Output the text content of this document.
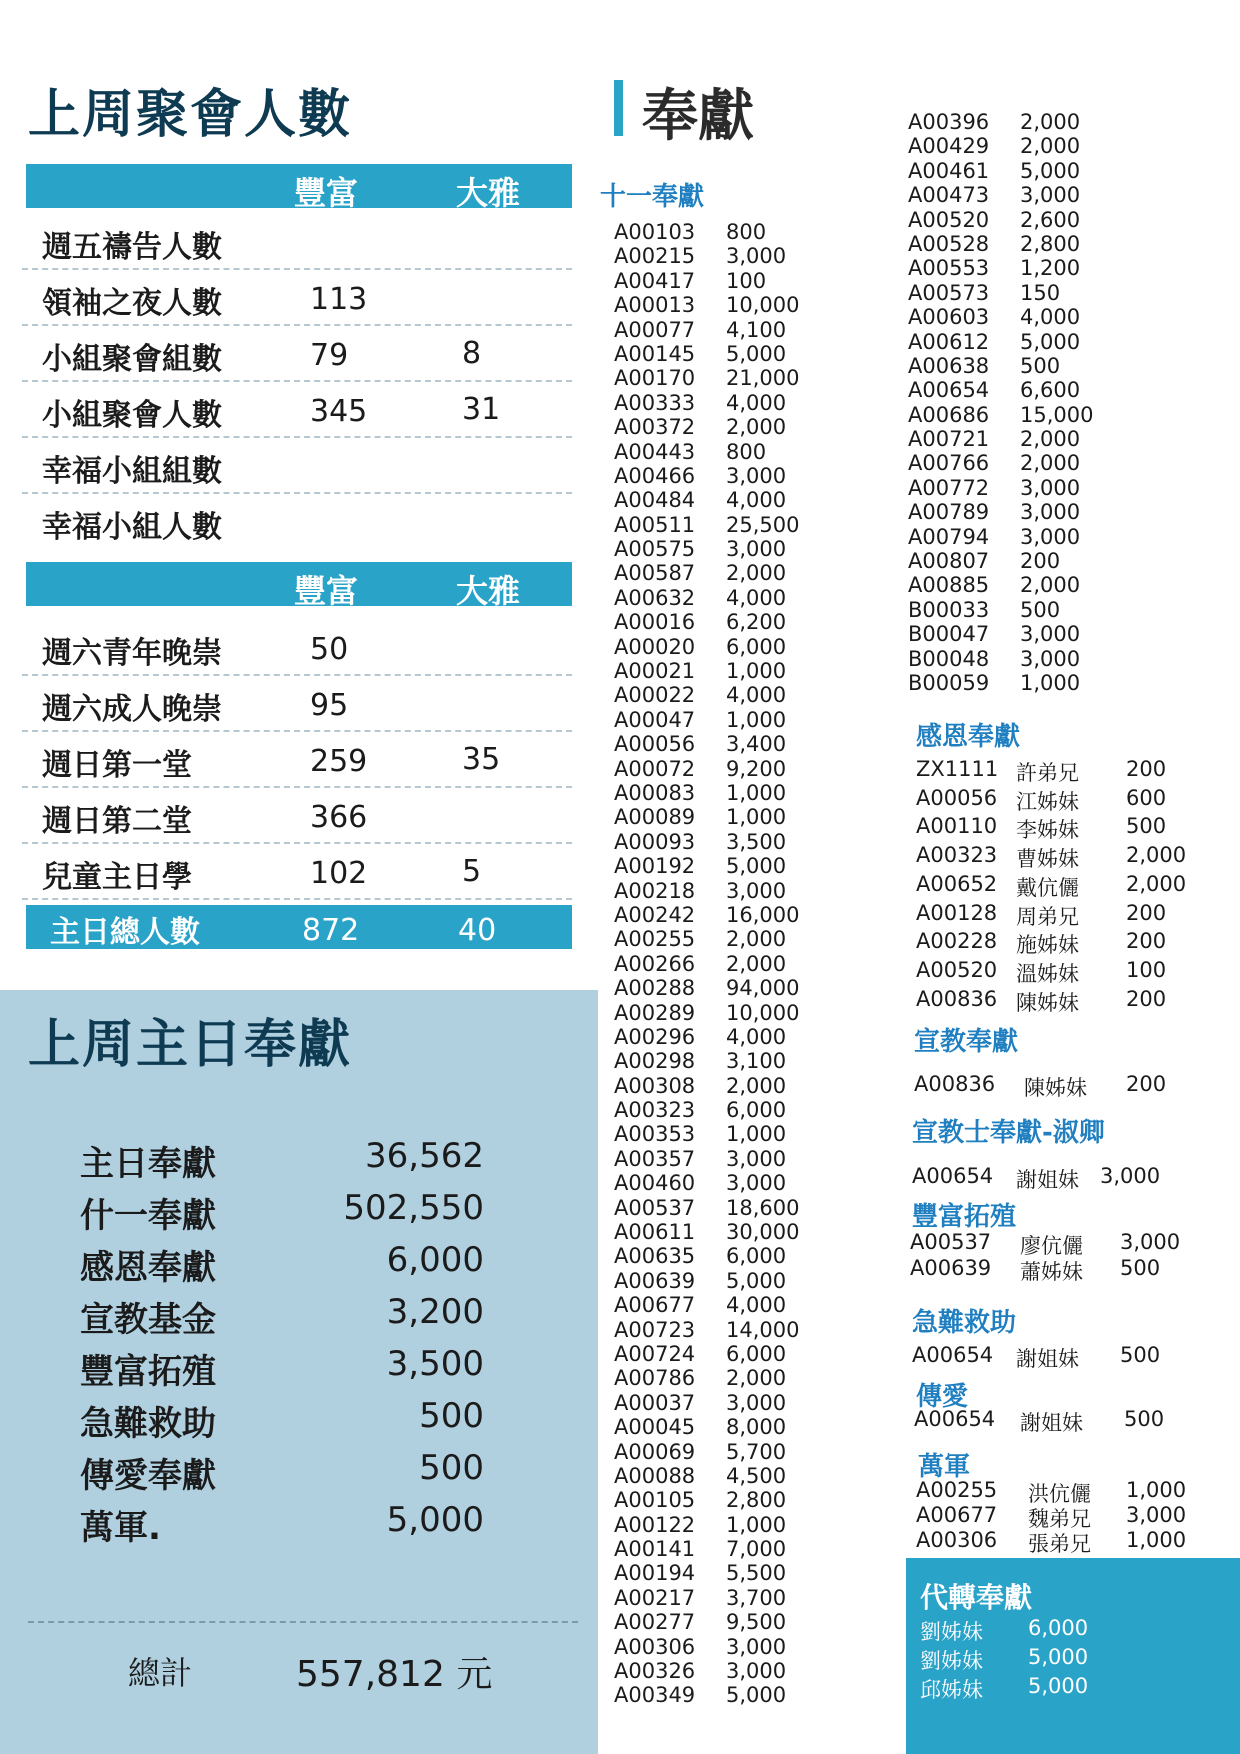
上周聚會人數
豐富	大雅
週五禱告人數
領袖之夜人數	113
小組聚會組數	79	8
小組聚會人數	345	31
幸福小組組數
幸福小組人數
豐富	大雅
週六青年晚崇	50
週六成人晚崇	95
週日第一堂	259	35
週日第二堂	366
兒童主日學	102	5
主日總人數	872	40
上周主日奉獻
主日奉獻	36,562
什一奉獻	502,550
感恩奉獻	6,000
宣教基金	3,200
豐富拓殖	3,500
急難救助	500
傳愛奉獻	500
萬軍.	5,000
總計	557,812 元
奉獻
十一奉獻
A00103 800
A00215 3,000
A00417 100
A00013 10,000
A00077 4,100
A00145 5,000
A00170 21,000
A00333 4,000
A00372 2,000
A00443 800
A00466 3,000
A00484 4,000
A00511 25,500
A00575 3,000
A00587 2,000
A00632 4,000
A00016 6,200
A00020 6,000
A00021 1,000
A00022 4,000
A00047 1,000
A00056 3,400
A00072 9,200
A00083 1,000
A00089 1,000
A00093 3,500
A00192 5,000
A00218 3,000
A00242 16,000
A00255 2,000
A00266 2,000
A00288 94,000
A00289 10,000
A00296 4,000
A00298 3,100
A00308 2,000
A00323 6,000
A00353 1,000
A00357 3,000
A00460 3,000
A00537 18,600
A00611 30,000
A00635 6,000
A00639 5,000
A00677 4,000
A00723 14,000
A00724 6,000
A00786 2,000
A00037 3,000
A00045 8,000
A00069 5,700
A00088 4,500
A00105 2,800
A00122 1,000
A00141 7,000
A00194 5,500
A00217 3,700
A00277 9,500
A00306 3,000
A00326 3,000
A00349 5,000
A00396 2,000
A00429 2,000
A00461 5,000
A00473 3,000
A00520 2,600
A00528 2,800
A00553 1,200
A00573 150
A00603 4,000
A00612 5,000
A00638 500
A00654 6,600
A00686 15,000
A00721 2,000
A00766 2,000
A00772 3,000
A00789 3,000
A00794 3,000
A00807 200
A00885 2,000
B00033 500
B00047 3,000
B00048 3,000
B00059 1,000
感恩奉獻
ZX1111 許弟兄 200
A00056 江姊妹 600
A00110 李姊妹 500
A00323 曹姊妹 2,000
A00652 戴伉儷 2,000
A00128 周弟兄 200
A00228 施姊妹 200
A00520 溫姊妹 100
A00836 陳姊妹 200
宣教奉獻
A00836 陳姊妹 200
宣教士奉獻-淑卿
A00654 謝姐妹 3,000
豐富拓殖
A00537 廖伉儷 3,000
A00639 蕭姊妹 500
急難救助
A00654 謝姐妹 500
傳愛
A00654 謝姐妹 500
萬軍
A00255 洪伉儷 1,000
A00677 魏弟兄 3,000
A00306 張弟兄 1,000
代轉奉獻
劉姊妹 6,000
劉姊妹 5,000
邱姊妹 5,000
